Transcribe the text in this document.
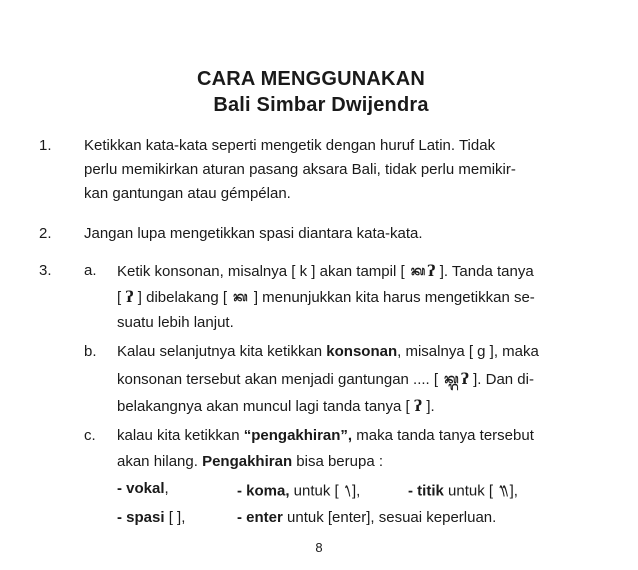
CARA MENGGUNAKAN
Bali Simbar Dwijendra
1. Ketikkan kata-kata seperti mengetik dengan huruf Latin. Tidak
perlu memikirkan aturan pasang aksara Bali, tidak perlu memikir-
kan gantungan atau gémpélan.
2. Jangan lupa mengetikkan spasi diantara kata-kata.
3. a. Ketik konsonan, misalnya [ k ] akan tampil [ ᬓ ʔ ]. Tanda tanya
[ ʔ ] dibelakang [ ᬓ ] menunjukkan kita harus mengetikkan se-
suatu lebih lanjut.
b. Kalau selanjutnya kita ketikkan konsonan, misalnya [ g ], maka
konsonan tersebut akan menjadi gantungan .... [ ᬓ᭄ᬕ ʔ ]. Dan di-
belakangnya akan muncul lagi tanda tanya [ ʔ ].
c. kalau kita ketikkan “pengakhiran”, maka tanda tanya tersebut
akan hilang. Pengakhiran bisa berupa :
- vokal,	- koma, untuk [ ᭞ ],	- titik untuk [ ᭟ ],
- spasi [ ],	- enter untuk [enter], sesuai keperluan.
8
